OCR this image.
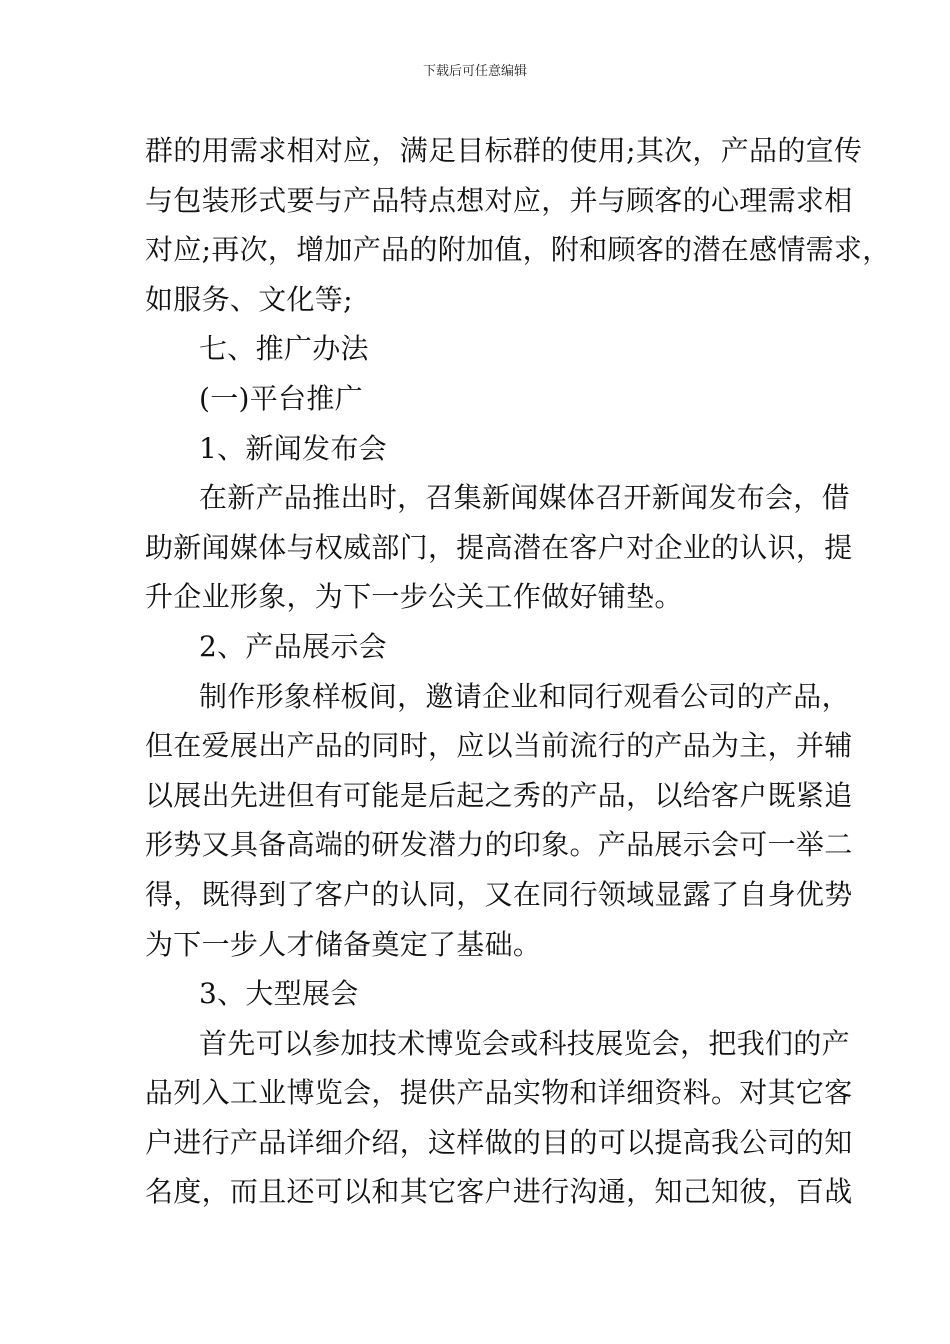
下载后可任意编辑
群的用需求相对应，满足目标群的使用;其次，产品的宣传
与包装形式要与产品特点想对应，并与顾客的心理需求相
对应;再次，增加产品的附加值，附和顾客的潜在感情需求，
如服务、文化等;
七、推广办法
(一)平台推广
1、新闻发布会
在新产品推出时，召集新闻媒体召开新闻发布会，借
助新闻媒体与权威部门，提高潜在客户对企业的认识，提
升企业形象，为下一步公关工作做好铺垫。
2、产品展示会
制作形象样板间，邀请企业和同行观看公司的产品，
但在爱展出产品的同时，应以当前流行的产品为主，并辅
以展出先进但有可能是后起之秀的产品，以给客户既紧追
形势又具备高端的研发潜力的印象。产品展示会可一举二
得，既得到了客户的认同，又在同行领域显露了自身优势
为下一步人才储备奠定了基础。
3、大型展会
首先可以参加技术博览会或科技展览会，把我们的产
品列入工业博览会，提供产品实物和详细资料。对其它客
户进行产品详细介绍，这样做的目的可以提高我公司的知
名度，而且还可以和其它客户进行沟通，知己知彼，百战
